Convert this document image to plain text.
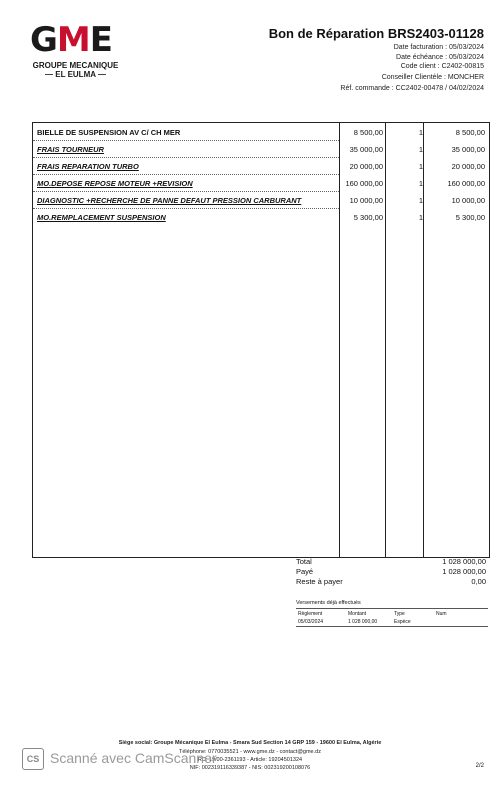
GME
GROUPE MECANIQUE
— EL EULMA —
Bon de Réparation BRS2403-01128
Date facturation : 05/03/2024
Date échéance : 05/03/2024
Code client : C2402-00815
Conseiller Clientèle : MONCHER
Réf. commande : CC2402-00478 / 04/02/2024
BIELLE DE SUSPENSION AV C/ CH MER	8 500,00	1	8 500,00
FRAIS TOURNEUR	35 000,00	1	35 000,00
FRAIS REPARATION TURBO	20 000,00	1	20 000,00
MO.DEPOSE REPOSE MOTEUR +REVISION	160 000,00	1	160 000,00
DIAGNOSTIC +RECHERCHE DE PANNE DEFAUT PRESSION CARBURANT	10 000,00	1	10 000,00
MO.REMPLACEMENT SUSPENSION	5 300,00	1	5 300,00
Total	1 028 000,00
Payé	1 028 000,00
Reste à payer	0,00
Versements déjà effectués
Règlement	Montant	Type	Num
05/03/2024	1 028 000,00	Espèce
Siège social: Groupe Mécanique El Eulma - Smara Sud Section 14 GRP 159 - 19600 El Eulma, Algérie
Téléphone: 0770035521 - www.gme.dz - contact@gme.dz
RC: 19/00-2361193 - Article: 19204501324
NIF: 002319116339387 - NIS: 002319200108076	2/2
CS Scanné avec CamScanner
